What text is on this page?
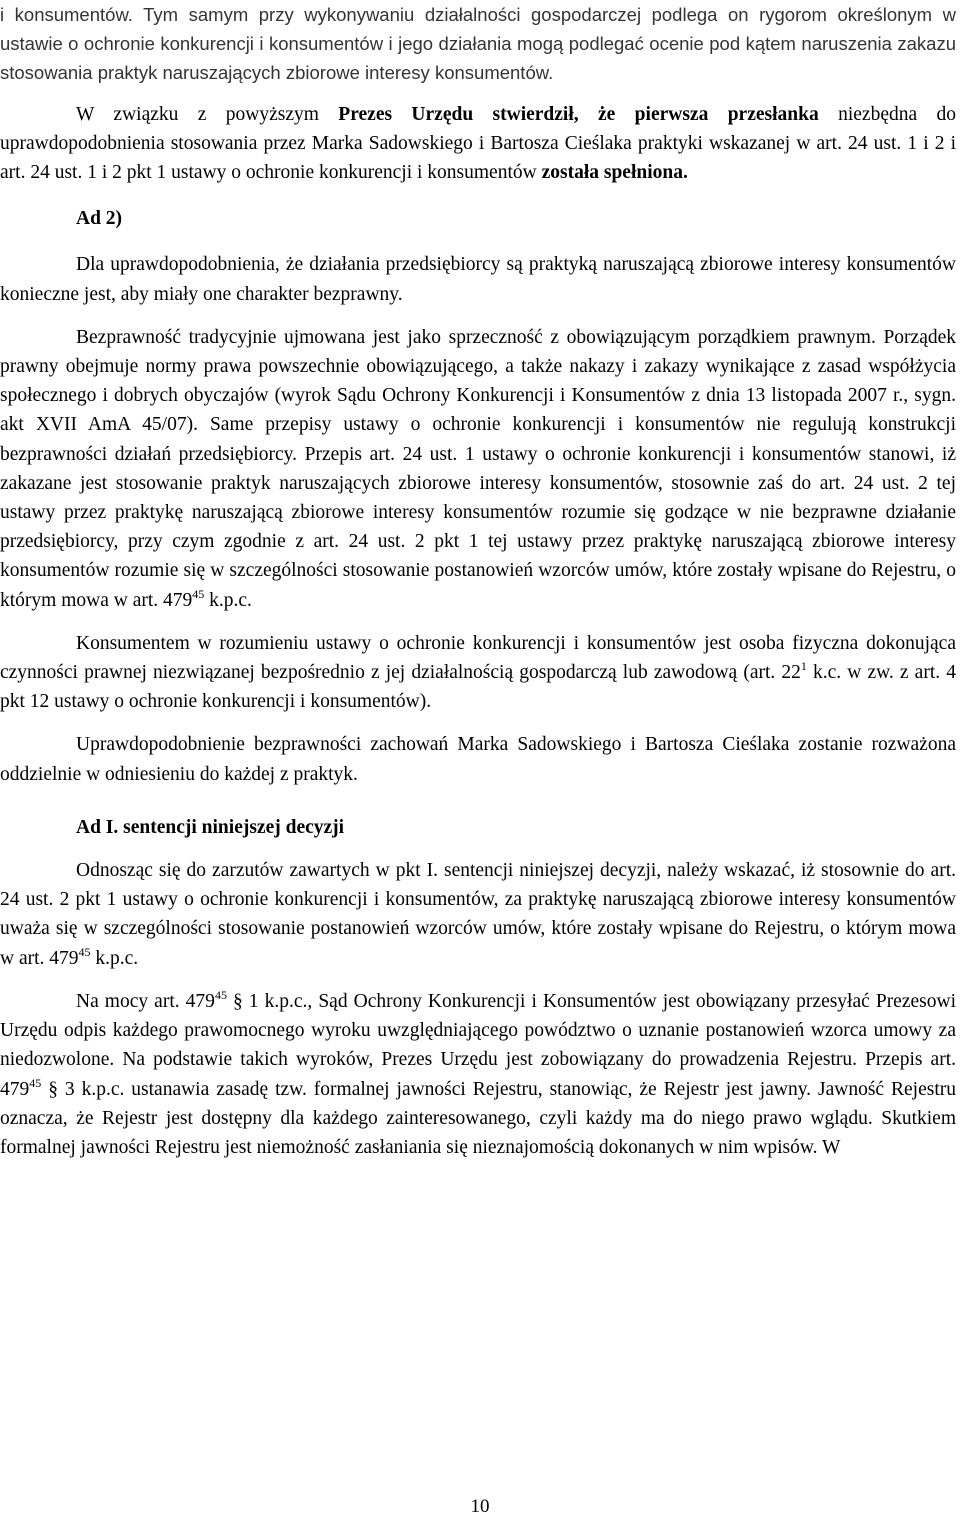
i konsumentów. Tym samym przy wykonywaniu działalności gospodarczej podlega on rygorom określonym w ustawie o ochronie konkurencji i konsumentów i jego działania mogą podlegać ocenie pod kątem naruszenia zakazu stosowania praktyk naruszających zbiorowe interesy konsumentów.

W związku z powyższym Prezes Urzędu stwierdził, że pierwsza przesłanka niezbędna do uprawdopodobnienia stosowania przez Marka Sadowskiego i Bartosza Cieślaka praktyki wskazanej w art. 24 ust. 1 i 2 i art. 24 ust. 1 i 2 pkt 1 ustawy o ochronie konkurencji i konsumentów została spełniona.

Ad 2)

Dla uprawdopodobnienia, że działania przedsiębiorcy są praktyką naruszającą zbiorowe interesy konsumentów konieczne jest, aby miały one charakter bezprawny.

Bezprawność tradycyjnie ujmowana jest jako sprzeczność z obowiązującym porządkiem prawnym. Porządek prawny obejmuje normy prawa powszechnie obowiązującego, a także nakazy i zakazy wynikające z zasad współżycia społecznego i dobrych obyczajów (wyrok Sądu Ochrony Konkurencji i Konsumentów z dnia 13 listopada 2007 r., sygn. akt XVII AmA 45/07). Same przepisy ustawy o ochronie konkurencji i konsumentów nie regulują konstrukcji bezprawności działań przedsiębiorcy. Przepis art. 24 ust. 1 ustawy o ochronie konkurencji i konsumentów stanowi, iż zakazane jest stosowanie praktyk naruszających zbiorowe interesy konsumentów, stosownie zaś do art. 24 ust. 2 tej ustawy przez praktykę naruszającą zbiorowe interesy konsumentów rozumie się godzące w nie bezprawne działanie przedsiębiorcy, przy czym zgodnie z art. 24 ust. 2 pkt 1 tej ustawy przez praktykę naruszającą zbiorowe interesy konsumentów rozumie się w szczególności stosowanie postanowień wzorców umów, które zostały wpisane do Rejestru, o którym mowa w art. $479^{45}$ k.p.c.

Konsumentem w rozumieniu ustawy o ochronie konkurencji i konsumentów jest osoba fizyczna dokonująca czynności prawnej niezwiązanej bezpośrednio z jej działalnością gospodarczą lub zawodową (art. $22^1$ k.c. w zw. z art. 4 pkt 12 ustawy o ochronie konkurencji i konsumentów).

Uprawdopodobnienie bezprawności zachowań Marka Sadowskiego i Bartosza Cieślaka zostanie rozważona oddzielnie w odniesieniu do każdej z praktyk.

Ad I. sentencji niniejszej decyzji

Odnosząc się do zarzutów zawartych w pkt I. sentencji niniejszej decyzji, należy wskazać, iż stosownie do art. 24 ust. 2 pkt 1 ustawy o ochronie konkurencji i konsumentów, za praktykę naruszającą zbiorowe interesy konsumentów uważa się w szczególności stosowanie postanowień wzorców umów, które zostały wpisane do Rejestru, o którym mowa w art. $479^{45}$ k.p.c.

Na mocy art. $479^{45}$ § 1 k.p.c., Sąd Ochrony Konkurencji i Konsumentów jest obowiązany przesyłać Prezesowi Urzędu odpis każdego prawomocnego wyroku uwzględniającego powództwo o uznanie postanowień wzorca umowy za niedozwolone. Na podstawie takich wyroków, Prezes Urzędu jest zobowiązany do prowadzenia Rejestru. Przepis art. $479^{45}$ § 3 k.p.c. ustanawia zasadę tzw. formalnej jawności Rejestru, stanowiąc, że Rejestr jest jawny. Jawność Rejestru oznacza, że Rejestr jest dostępny dla każdego zainteresowanego, czyli każdy ma do niego prawo wglądu. Skutkiem formalnej jawności Rejestru jest niemożność zasłaniania się nieznajomością dokonanych w nim wpisów. W

10
